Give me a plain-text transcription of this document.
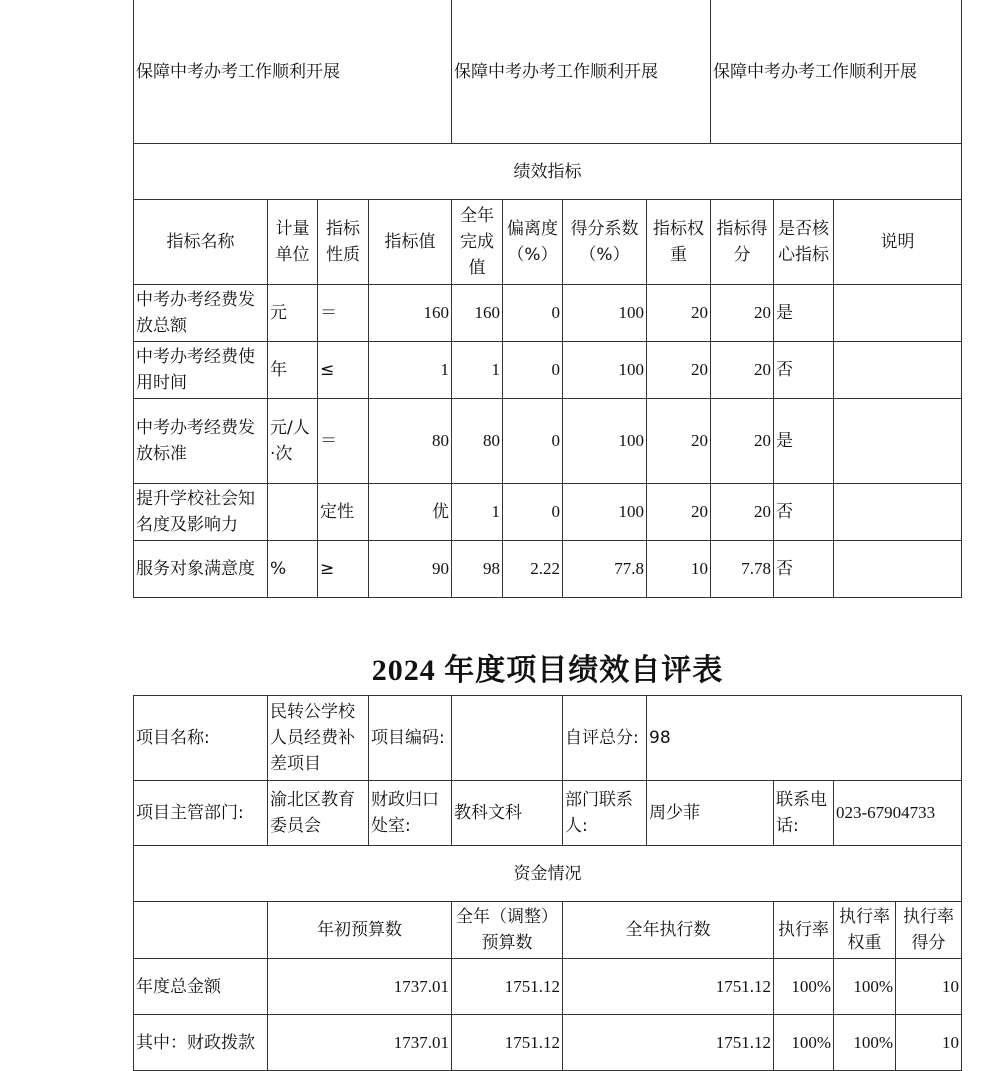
保障中考办考工作顺利开展				保障中考办考工作顺利开展				保障中考办考工作顺利开展		
绩效指标										
指标名称	计量单位	指标性质	指标值	全年完成值	偏离度（%）	得分系数（%）	指标权重	指标得分	是否核心指标	说明
中考办考经费发放总额	元	＝	160	160	0	100	20	20	是	
中考办考经费使用时间	年	≤	1	1	0	100	20	20	否	
中考办考经费发放标准	元/人·次	＝	80	80	0	100	20	20	是	
提升学校社会知名度及影响力		定性	优	1	0	100	20	20	否	
服务对象满意度	%	≥	90	98	2.22	77.8	10	7.78	否	
2024 年度项目绩效自评表
项目名称:	民转公学校人员经费补差项目	项目编码:		自评总分:	98			
项目主管部门:	渝北区教育委员会	财政归口处室:	教科文科	部门联系人:	周少菲	联系电话:	023-67904733	
资金情况								
	年初预算数		全年（调整）预算数	全年执行数		执行率	执行率权重	执行率得分
年度总金额	1737.01		1751.12	1751.12		100%	100%	10
其中：财政拨款	1737.01		1751.12	1751.12		100%	100%	10
